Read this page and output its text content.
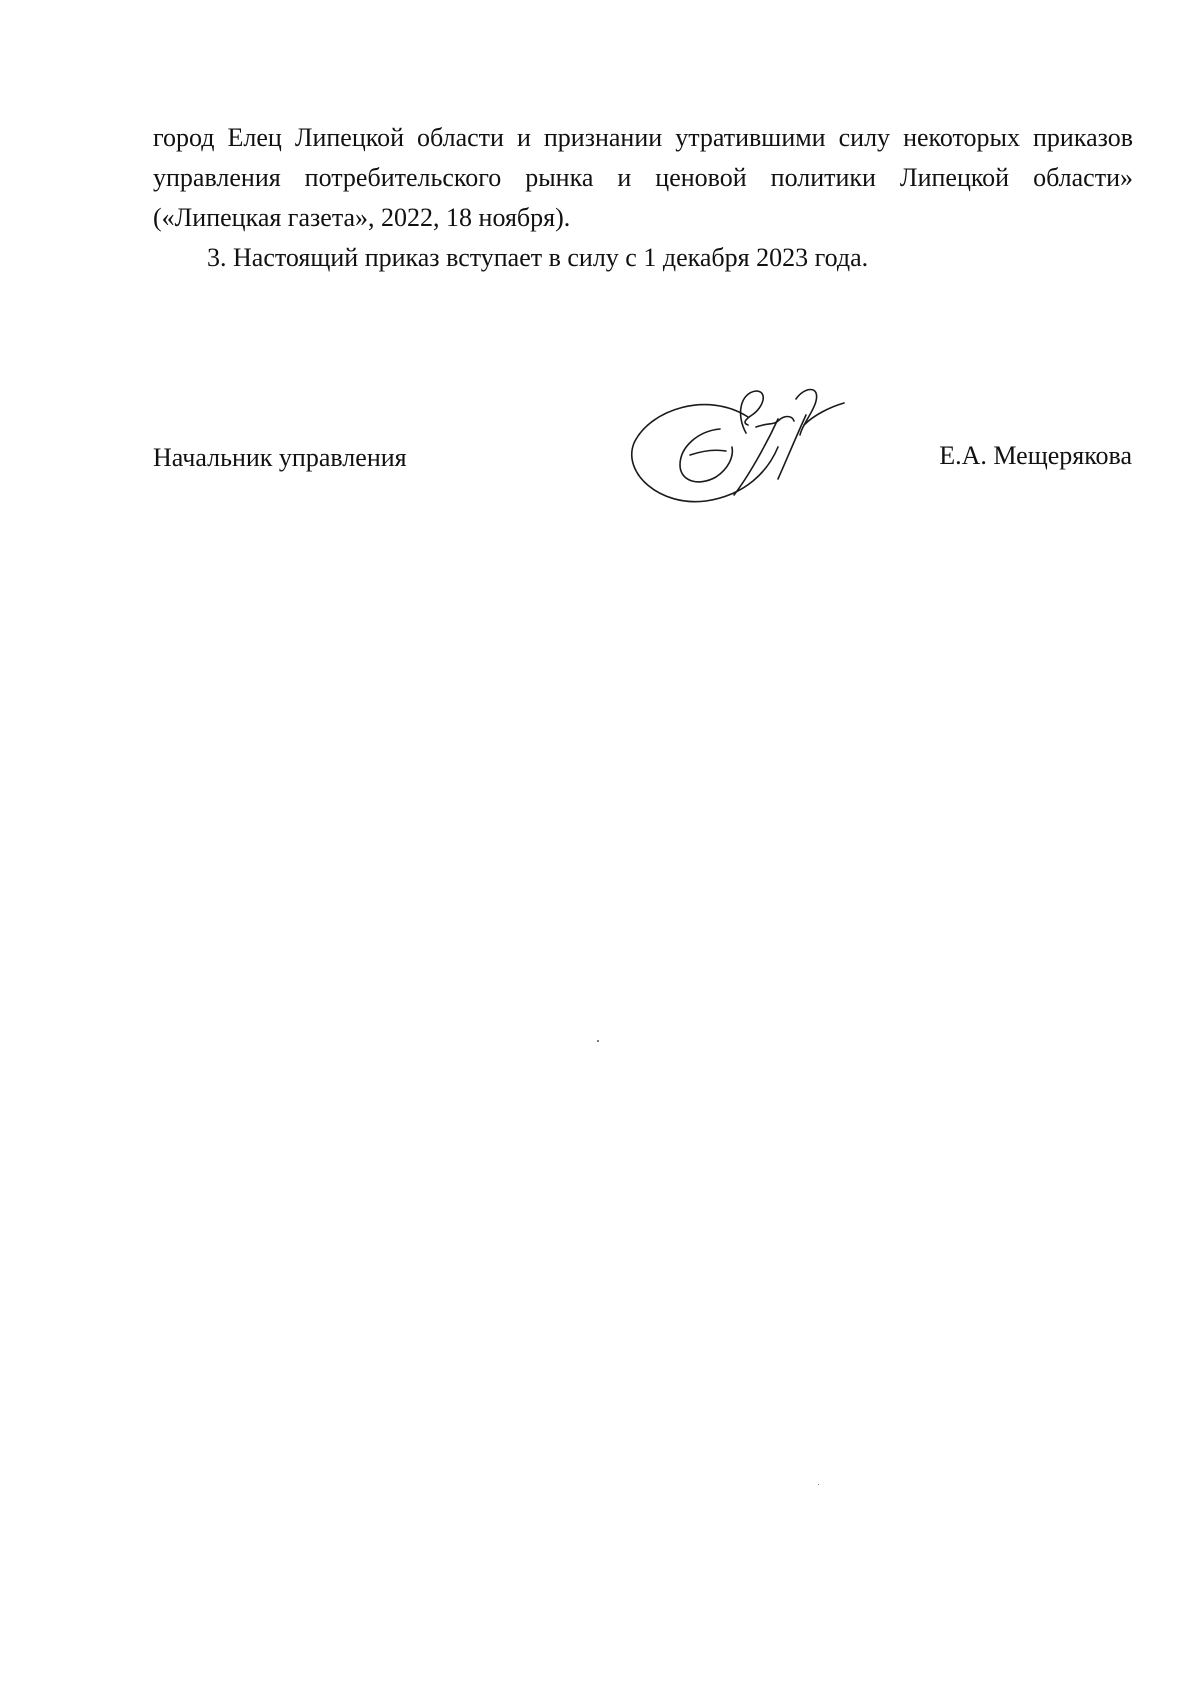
город Елец Липецкой области и признании утратившими силу некоторых приказов управления потребительского рынка и ценовой политики Липецкой области» («Липецкая газета», 2022, 18 ноября).

3. Настоящий приказ вступает в силу с 1 декабря 2023 года.

Начальник управления	Е.А. Мещерякова
